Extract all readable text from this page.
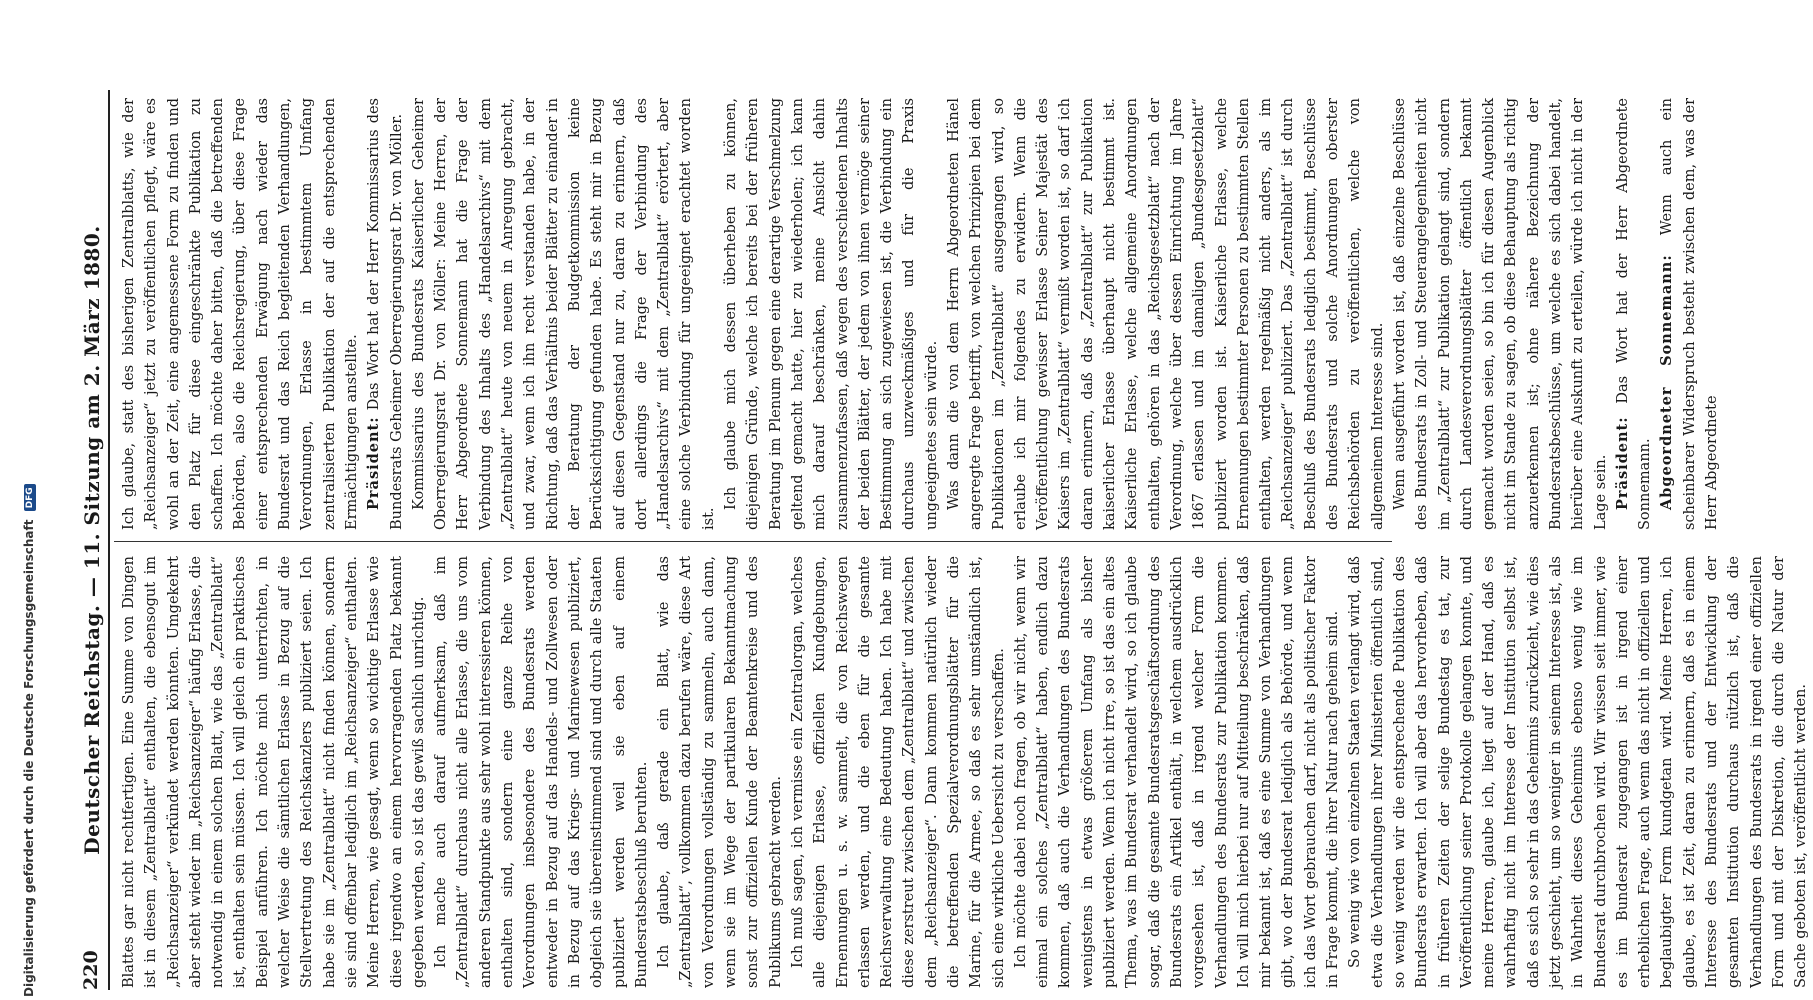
220
Deutscher Reichstag. — 11. Sitzung am 2. März 1880. Blattes gar nicht rechtfertigen. Eine Summe von Dingen ist in diesem „Zentralblatt“ enthalten, die ebensogut im „Reichsanzeiger“ verkündet werden könnten. Umgekehrt aber steht wieder im „Reichsanzeiger“ häufig Erlasse, die notwendig in einem solchen Blatt, wie das „Zentralblatt“ ist, enthalten sein müssen. Ich will gleich ein praktisches Beispiel anführen. Ich möchte mich unterrichten, in welcher Weise die sämtlichen Erlasse in Bezug auf die Stellvertretung des Reichskanzlers publiziert seien. Ich habe sie im „Zentralblatt“ nicht finden können, sondern sie sind offenbar lediglich im „Reichsanzeiger“ enthalten. Meine Herren, wie gesagt, wenn so wichtige Erlasse wie diese irgendwo an einem hervorragenden Platz bekannt gegeben werden, so ist das gewiß sachlich unrichtig. Ich mache auch darauf aufmerksam, daß im „Zentralblatt“ durchaus nicht alle Erlasse, die uns vom anderen Standpunkte aus sehr wohl interessieren können, enthalten sind, sondern eine ganze Reihe von Verordnungen insbesondere des Bundesrats werden entweder in Bezug auf das Handels- und Zollwesen oder in Bezug auf das Kriegs- und Marinewesen publiziert, obgleich sie übereinstimmend sind und durch alle Staaten publiziert werden weil sie eben auf einem Bundesratsbeschluß beruhten. Ich glaube, daß gerade ein Blatt, wie das „Zentralblatt“, vollkommen dazu berufen wäre, diese Art von Verordnungen vollständig zu sammeln, auch dann, wenn sie im Wege der partikularen Bekanntmachung sonst zur offiziellen Kunde der Beamtenkreise und des Publikums gebracht werden. Ich muß sagen, ich vermisse ein Zentralorgan, welches alle diejenigen Erlasse, offiziellen Kundgebungen, Ernennungen u. s. w. sammelt, die von Reichswegen erlassen werden, und die eben für die gesamte Reichsverwaltung eine Bedeutung haben. Ich habe mit diese zerstreut zwischen dem „Zentralblatt“ und zwischen dem „Reichsanzeiger“. Dann kommen natürlich wieder die betreffenden Spezialverordnungsblätter für die Marine, für die Armee, so daß es sehr umständlich ist, sich eine wirkliche Uebersicht zu verschaffen. Ich möchte dabei noch fragen, ob wir nicht, wenn wir einmal ein solches „Zentralblatt“ haben, endlich dazu kommen, daß auch die Verhandlungen des Bundesrats wenigstens in etwas größerem Umfang als bisher publiziert werden. Wenn ich nicht irre, so ist das ein altes Thema, was im Bundesrat verhandelt wird, so ich glaube sogar, daß die gesamte Bundesratsgeschäftsordnung des Bundesrats ein Artikel enthält, in welchem ausdrücklich vorgesehen ist, daß in irgend welcher Form die Verhandlungen des Bundesrats zur Publikation kommen. Ich will mich hierbei nur auf Mitteilung beschränken, daß mir bekannt ist, daß es eine Summe von Verhandlungen gibt, wo der Bundesrat lediglich als Behörde, und wenn ich das Wort gebrauchen darf, nicht als politischer Faktor in Frage kommt, die ihrer Natur nach geheim sind. So wenig wie von einzelnen Staaten verlangt wird, daß etwa die Verhandlungen ihrer Ministerien öffentlich sind, so wenig werden wir die entsprechende Publikation des Bundesrats erwarten. Ich will aber das hervorheben, daß in früheren Zeiten der selige Bundestag es tat, zur Veröffentlichung seiner Protokolle gelangen konnte, und meine Herren, glaube ich, liegt auf der Hand, daß es wahrhaftig nicht im Interesse der Institution selbst ist, daß es sich so sehr in das Geheimnis zurückzieht, wie dies jetzt geschieht, um so weniger in seinem Interesse ist, als in Wahrheit dieses Geheimnis ebenso wenig wie im Bundesrat durchbrochen wird. Wir wissen seit immer, wie es im Bundesrat zugegangen ist in irgend einer erheblichen Frage, auch wenn das nicht in offiziellen und beglaubigter Form kundgetan wird. Meine Herren, ich glaube, es ist Zeit, daran zu erinnern, daß es in einem Interesse des Bundesrats und der Entwicklung der gesamten Institution durchaus nützlich ist, daß die Verhandlungen des Bundesrats in irgend einer offiziellen Form und mit der Diskretion, die durch die Natur der Sache geboten ist, veröffentlicht werden.

Ich glaube, statt des bisherigen Zentralblatts, wie der „Reichsanzeiger“ jetzt zu veröffentlichen pflegt, wäre es wohl an der Zeit, eine angemessene Form zu finden und den Platz für diese eingeschränkte Publikation zu schaffen. Ich möchte daher bitten, daß die betreffenden Behörden, also die Reichsregierung, über diese Frage einer entsprechenden Erwägung nach wieder das Bundesrat und das Reich begleitenden Verhandlungen, Verordnungen, Erlasse in bestimmtem Umfang zentralisierten Publikation der auf die entsprechenden Ermächtigungen anstellte. Präsident: Das Wort hat der Herr Kommissarius des Bundesrats Geheimer Oberregierungsrat Dr. von Möller. Kommissarius des Bundesrats Kaiserlicher Geheimer Oberregierungsrat Dr. von Möller: Meine Herren, der Herr Abgeordnete Sonnemann hat die Frage der Verbindung des Inhalts des „Handelsarchivs“ mit dem „Zentralblatt“ heute von neuem in Anregung gebracht, und zwar, wenn ich ihn recht verstanden habe, in der Richtung, daß das Verhältnis beider Blätter zu einander in der Beratung der Budgetkommission keine Berücksichtigung gefunden habe. Es steht mir in Bezug auf diesen Gegenstand nur zu, daran zu erinnern, daß dort allerdings die Frage der Verbindung des „Handelsarchivs“ mit dem „Zentralblatt“ erörtert, aber eine solche Verbindung für ungeeignet erachtet worden ist.

Ich glaube mich dessen überheben zu können, diejenigen Gründe, welche ich bereits bei der früheren Beratung im Plenum gegen eine derartige Verschmelzung geltend gemacht hatte, hier zu wiederholen; ich kann mich darauf beschränken, meine Ansicht dahin zusammenzufassen, daß wegen des verschiedenen Inhalts der beiden Blätter, der jedem von ihnen vermöge seiner Bestimmung an sich zugewiesen ist, die Verbindung ein durchaus unzweckmäßiges und für die Praxis ungeeignetes sein würde. Was dann die von dem Herrn Abgeordneten Hänel angeregte Frage betrifft, von welchen Prinzipien bei dem Publikationen im „Zentralblatt“ ausgegangen wird, so erlaube ich mir folgendes zu erwidern. Wenn die Veröffentlichung gewisser Erlasse Seiner Majestät des Kaisers im „Zentralblatt“ vermißt worden ist, so darf ich daran erinnern, daß das „Zentralblatt“ zur Publikation kaiserlicher Erlasse überhaupt nicht bestimmt ist. Kaiserliche Erlasse, welche allgemeine Anordnungen enthalten, gehören in das „Reichsgesetzblatt“ nach der Verordnung, welche über dessen Einrichtung im Jahre 1867 erlassen und im damaligen „Bundesgesetzblatt“ publiziert worden ist. Kaiserliche Erlasse, welche Ernennungen bestimmter Personen zu bestimmten Stellen enthalten, werden regelmäßig nicht anders, als im „Reichsanzeiger“ publiziert. Das „Zentralblatt“ ist durch Beschluß des Bundesrats lediglich bestimmt, Beschlüsse des Bundesrats und solche Anordnungen oberster Reichsbehörden zu veröffentlichen, welche von allgemeinem Interesse sind. Wenn ausgeführt worden ist, daß einzelne Beschlüsse des Bundesrats in Zoll- und Steuerangelegenheiten nicht im „Zentralblatt“ zur Publikation gelangt sind, sondern durch Landesverordnungsblätter öffentlich bekannt gemacht worden seien, so bin ich für diesen Augenblick nicht im Stande zu sagen, ob diese Behauptung als richtig anzuerkennen ist; ohne nähere Bezeichnung der Bundesratsbeschlüsse, um welche es sich dabei handelt, hierüber eine Auskunft zu erteilen, würde ich nicht in der Lage sein. Präsident: Das Wort hat der Herr Abgeordnete Sonnemann. Abgeordneter Sonnemann: Wenn auch ein scheinbarer Widerspruch besteht zwischen dem, was der Herr Abgeordnete

Digitalisierung gefördert durch die Deutsche Forschungsgemeinschaft DFG
